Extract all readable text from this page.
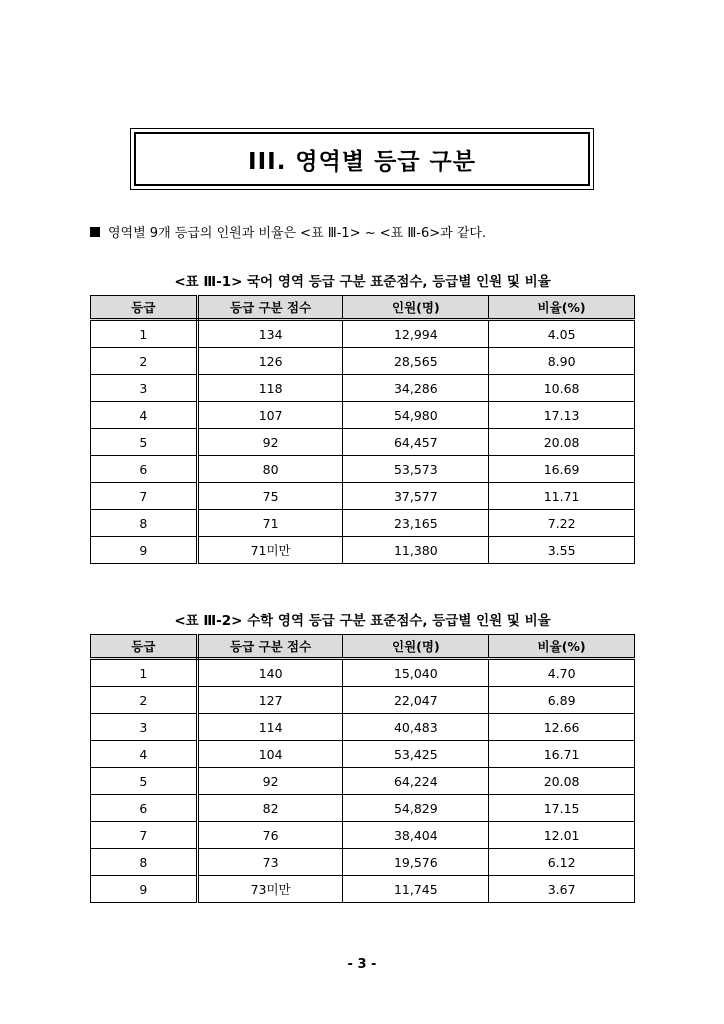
III. 영역별 등급 구분
영역별 9개 등급의 인원과 비율은 <표 Ⅲ-1> ~ <표 Ⅲ-6>과 같다.
<표 Ⅲ-1> 국어 영역 등급 구분 표준점수, 등급별 인원 및 비율
등급	등급 구분 점수	인원(명)	비율(%)
1	134	12,994	4.05
2	126	28,565	8.90
3	118	34,286	10.68
4	107	54,980	17.13
5	92	64,457	20.08
6	80	53,573	16.69
7	75	37,577	11.71
8	71	23,165	7.22
9	71미만	11,380	3.55
<표 Ⅲ-2> 수학 영역 등급 구분 표준점수, 등급별 인원 및 비율
등급	등급 구분 점수	인원(명)	비율(%)
1	140	15,040	4.70
2	127	22,047	6.89
3	114	40,483	12.66
4	104	53,425	16.71
5	92	64,224	20.08
6	82	54,829	17.15
7	76	38,404	12.01
8	73	19,576	6.12
9	73미만	11,745	3.67
- 3 -
